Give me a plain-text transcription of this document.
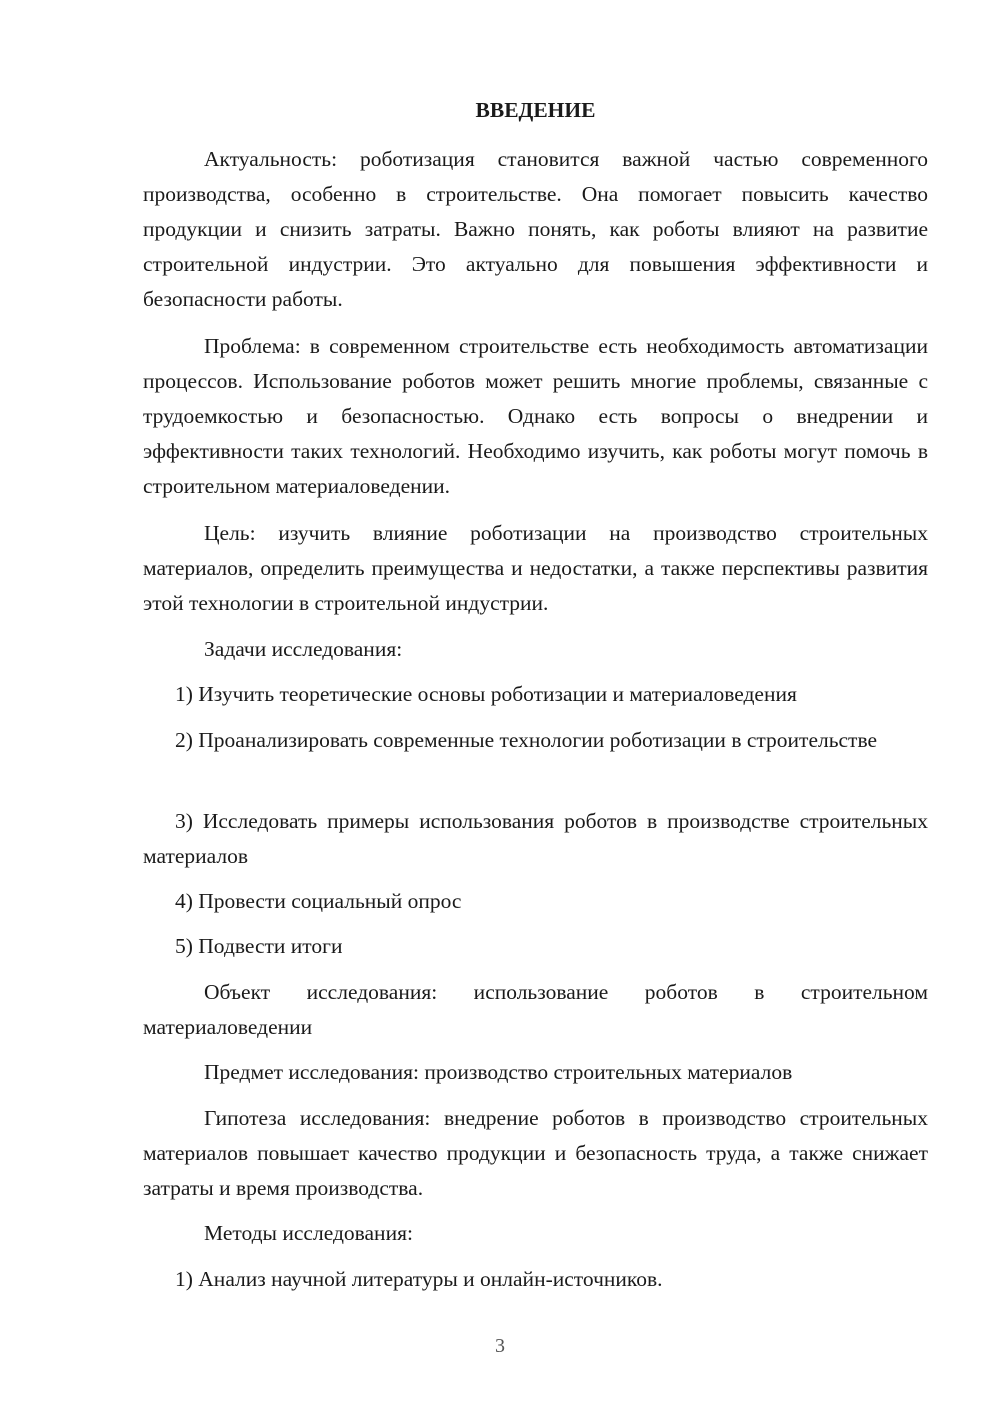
ВВЕДЕНИЕ

Актуальность: роботизация становится важной частью современного производства, особенно в строительстве. Она помогает повысить качество продукции и снизить затраты. Важно понять, как роботы влияют на развитие строительной индустрии. Это актуально для повышения эффективности и безопасности работы.

Проблема: в современном строительстве есть необходимость автоматизации процессов. Использование роботов может решить многие проблемы, связанные с трудоемкостью и безопасностью. Однако есть вопросы о внедрении и эффективности таких технологий. Необходимо изучить, как роботы могут помочь в строительном материаловедении.

Цель: изучить влияние роботизации на производство строительных материалов, определить преимущества и недостатки, а также перспективы развития этой технологии в строительной индустрии.

Задачи исследования:

1) Изучить теоретические основы роботизации и материаловедения

2) Проанализировать современные технологии роботизации в строительстве

3) Исследовать примеры использования роботов в производстве строительных материалов

4) Провести социальный опрос

5) Подвести итоги

Объект исследования: использование роботов в строительном материаловедении

Предмет исследования: производство строительных материалов

Гипотеза исследования: внедрение роботов в производство строительных материалов повышает качество продукции и безопасность труда, а также снижает затраты и время производства.

Методы исследования:

1) Анализ научной литературы и онлайн-источников.

3
